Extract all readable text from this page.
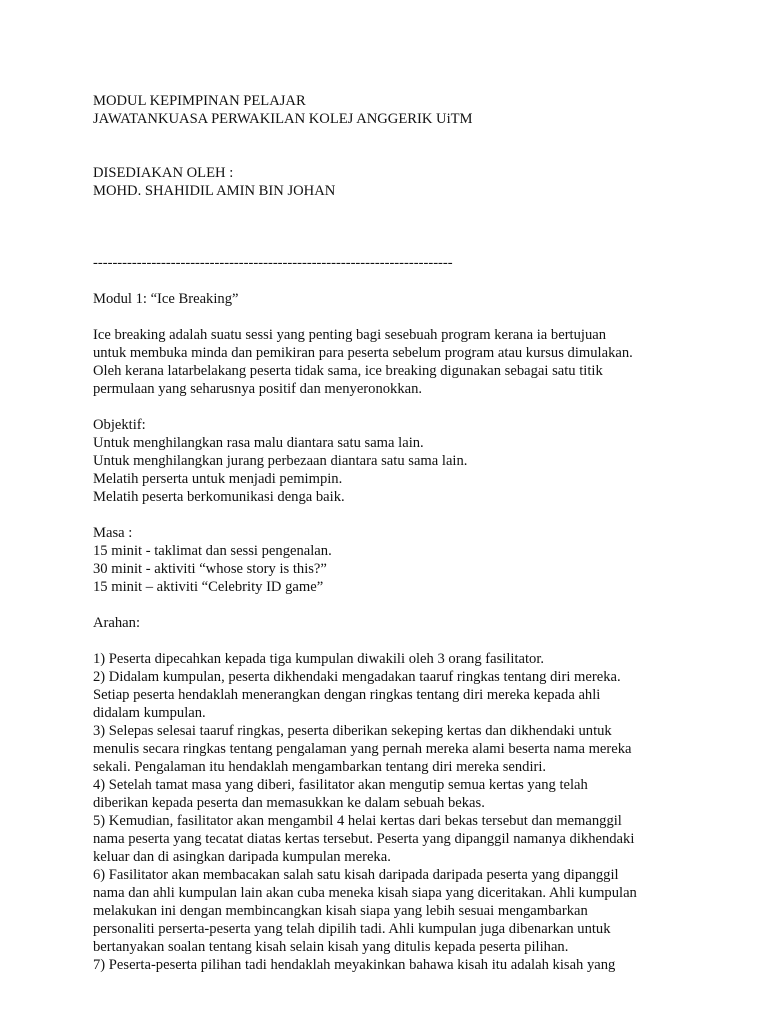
MODUL KEPIMPINAN PELAJAR
JAWATANKUASA PERWAKILAN KOLEJ ANGGERIK UiTM
DISEDIAKAN OLEH :
MOHD. SHAHIDIL AMIN BIN JOHAN
--------------------------------------------------------------------------
Modul 1: “Ice Breaking”
Ice breaking adalah suatu sessi yang penting bagi sesebuah program kerana ia bertujuan
untuk membuka minda dan pemikiran para peserta sebelum program atau kursus dimulakan.
Oleh kerana latarbelakang peserta tidak sama, ice breaking digunakan sebagai satu titik
permulaan yang seharusnya positif dan menyeronokkan.
Objektif:
Untuk menghilangkan rasa malu diantara satu sama lain.
Untuk menghilangkan jurang perbezaan diantara satu sama lain.
Melatih perserta untuk menjadi pemimpin.
Melatih peserta berkomunikasi denga baik.
Masa :
15 minit - taklimat dan sessi pengenalan.
30 minit - aktiviti “whose story is this?”
15 minit – aktiviti “Celebrity ID game”
Arahan:
1) Peserta dipecahkan kepada tiga kumpulan diwakili oleh 3 orang fasilitator.
2) Didalam kumpulan, peserta dikhendaki mengadakan taaruf ringkas tentang diri mereka.
Setiap peserta hendaklah menerangkan dengan ringkas tentang diri mereka kepada ahli
didalam kumpulan.
3) Selepas selesai taaruf ringkas, peserta diberikan sekeping kertas dan dikhendaki untuk
menulis secara ringkas tentang pengalaman yang pernah mereka alami beserta nama mereka
sekali. Pengalaman itu hendaklah mengambarkan tentang diri mereka sendiri.
4) Setelah tamat masa yang diberi, fasilitator akan mengutip semua kertas yang telah
diberikan kepada peserta dan memasukkan ke dalam sebuah bekas.
5) Kemudian, fasilitator akan mengambil 4 helai kertas dari bekas tersebut dan memanggil
nama peserta yang tecatat diatas kertas tersebut. Peserta yang dipanggil namanya dikhendaki
keluar dan di asingkan daripada kumpulan mereka.
6) Fasilitator akan membacakan salah satu kisah daripada daripada peserta yang dipanggil
nama dan ahli kumpulan lain akan cuba meneka kisah siapa yang diceritakan. Ahli kumpulan
melakukan ini dengan membincangkan kisah siapa yang lebih sesuai mengambarkan
personaliti perserta-peserta yang telah dipilih tadi. Ahli kumpulan juga dibenarkan untuk
bertanyakan soalan tentang kisah selain kisah yang ditulis kepada peserta pilihan.
7) Peserta-peserta pilihan tadi hendaklah meyakinkan bahawa kisah itu adalah kisah yang
